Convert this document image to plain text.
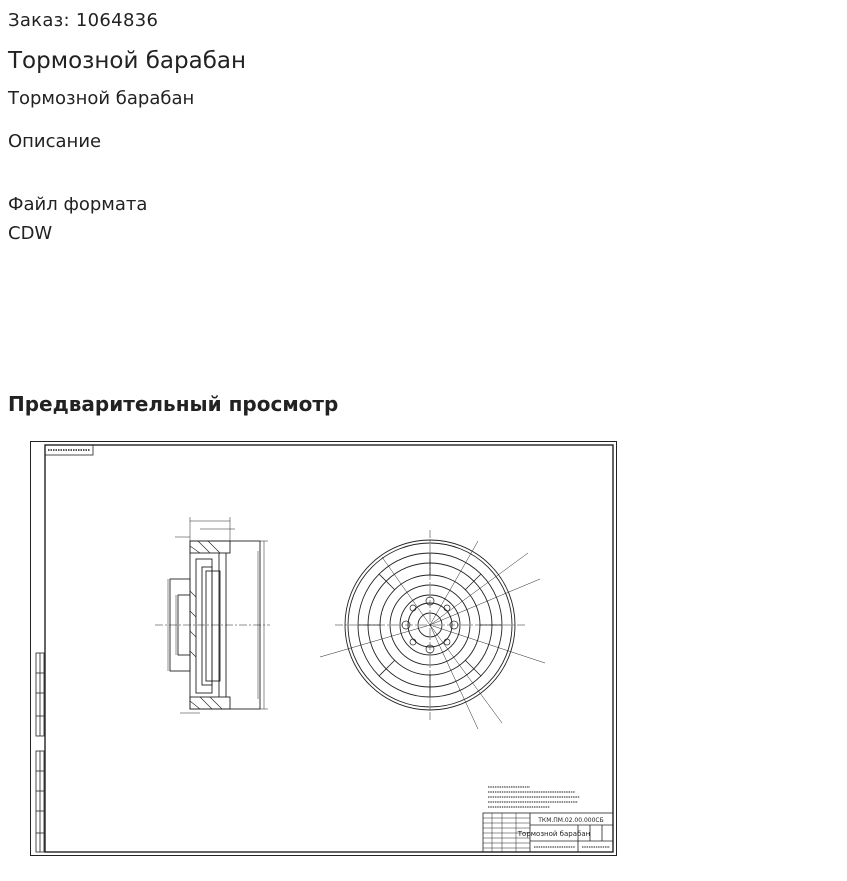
Заказ: 1064836
Тормозной барабан
Тормозной барабан
Описание
Файл формата
CDW
Предварительный просмотр
ТКМ.ПМ.02.00.000СБ
Тормозной барабан
